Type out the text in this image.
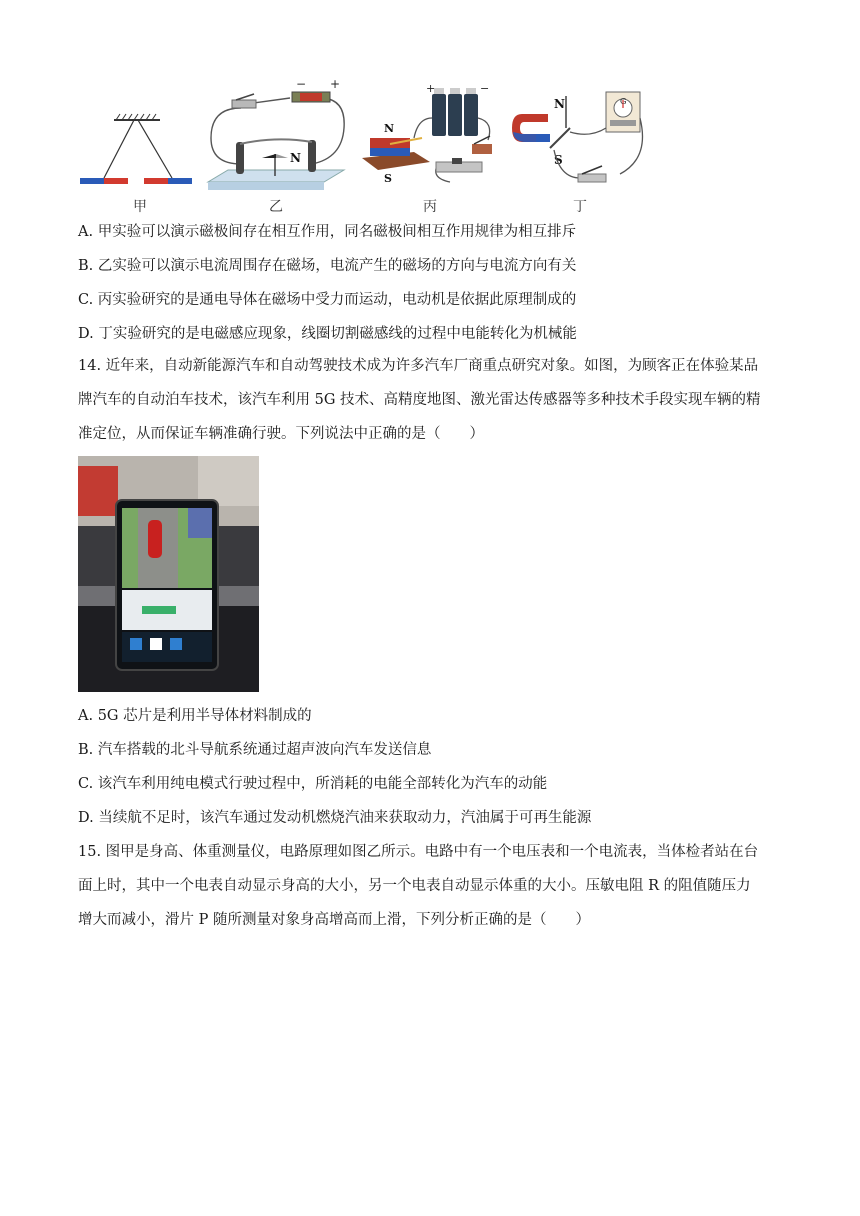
甲
− +
N
乙
+	−
N
S
丙
N
S
G
丁
A. 甲实验可以演示磁极间存在相互作用，同名磁极间相互作用规律为相互排斥
B. 乙实验可以演示电流周围存在磁场，电流产生的磁场的方向与电流方向有关
C. 丙实验研究的是通电导体在磁场中受力而运动，电动机是依据此原理制成的
D. 丁实验研究的是电磁感应现象，线圈切割磁感线的过程中电能转化为机械能
14. 近年来，自动新能源汽车和自动驾驶技术成为许多汽车厂商重点研究对象。如图，为顾客正在体验某品
牌汽车的自动泊车技术，该汽车利用 5G 技术、高精度地图、激光雷达传感器等多种技术手段实现车辆的精
准定位，从而保证车辆准确行驶。下列说法中正确的是（　　）
A. 5G 芯片是利用半导体材料制成的
B. 汽车搭载的北斗导航系统通过超声波向汽车发送信息
C. 该汽车利用纯电模式行驶过程中，所消耗的电能全部转化为汽车的动能
D. 当续航不足时，该汽车通过发动机燃烧汽油来获取动力，汽油属于可再生能源
15. 图甲是身高、体重测量仪，电路原理如图乙所示。电路中有一个电压表和一个电流表，当体检者站在台
面上时，其中一个电表自动显示身高的大小，另一个电表自动显示体重的大小。压敏电阻 R 的阻值随压力
增大而减小，滑片 P 随所测量对象身高增高而上滑，下列分析正确的是（　　）
